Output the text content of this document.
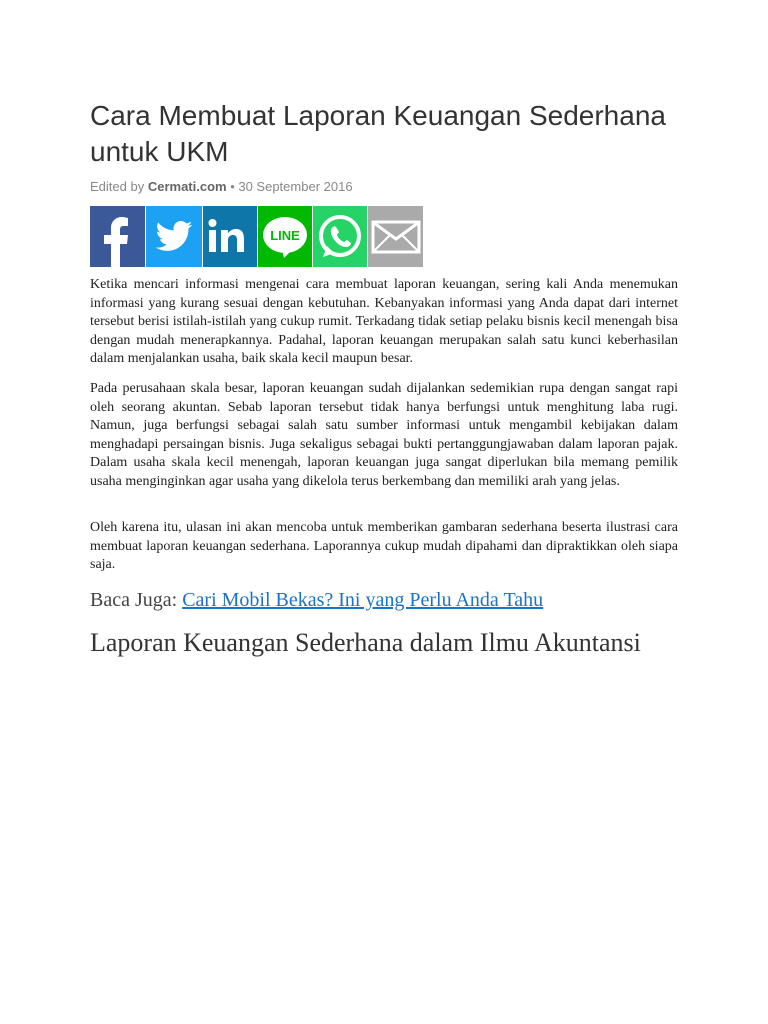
Cara Membuat Laporan Keuangan Sederhana untuk UKM
Edited by Cermati.com • 30 September 2016
LINE

Ketika mencari informasi mengenai cara membuat laporan keuangan, sering kali Anda menemukan informasi yang kurang sesuai dengan kebutuhan. Kebanyakan informasi yang Anda dapat dari internet tersebut berisi istilah-istilah yang cukup rumit. Terkadang tidak setiap pelaku bisnis kecil menengah bisa dengan mudah menerapkannya. Padahal, laporan keuangan merupakan salah satu kunci keberhasilan dalam menjalankan usaha, baik skala kecil maupun besar.

Pada perusahaan skala besar, laporan keuangan sudah dijalankan sedemikian rupa dengan sangat rapi oleh seorang akuntan. Sebab laporan tersebut tidak hanya berfungsi untuk menghitung laba rugi. Namun, juga berfungsi sebagai salah satu sumber informasi untuk mengambil kebijakan dalam menghadapi persaingan bisnis. Juga sekaligus sebagai bukti pertanggungjawaban dalam laporan pajak. Dalam usaha skala kecil menengah, laporan keuangan juga sangat diperlukan bila memang pemilik usaha menginginkan agar usaha yang dikelola terus berkembang dan memiliki arah yang jelas.

Oleh karena itu, ulasan ini akan mencoba untuk memberikan gambaran sederhana beserta ilustrasi cara membuat laporan keuangan sederhana. Laporannya cukup mudah dipahami dan dipraktikkan oleh siapa saja.

Baca Juga: Cari Mobil Bekas? Ini yang Perlu Anda Tahu
Laporan Keuangan Sederhana dalam Ilmu Akuntansi
